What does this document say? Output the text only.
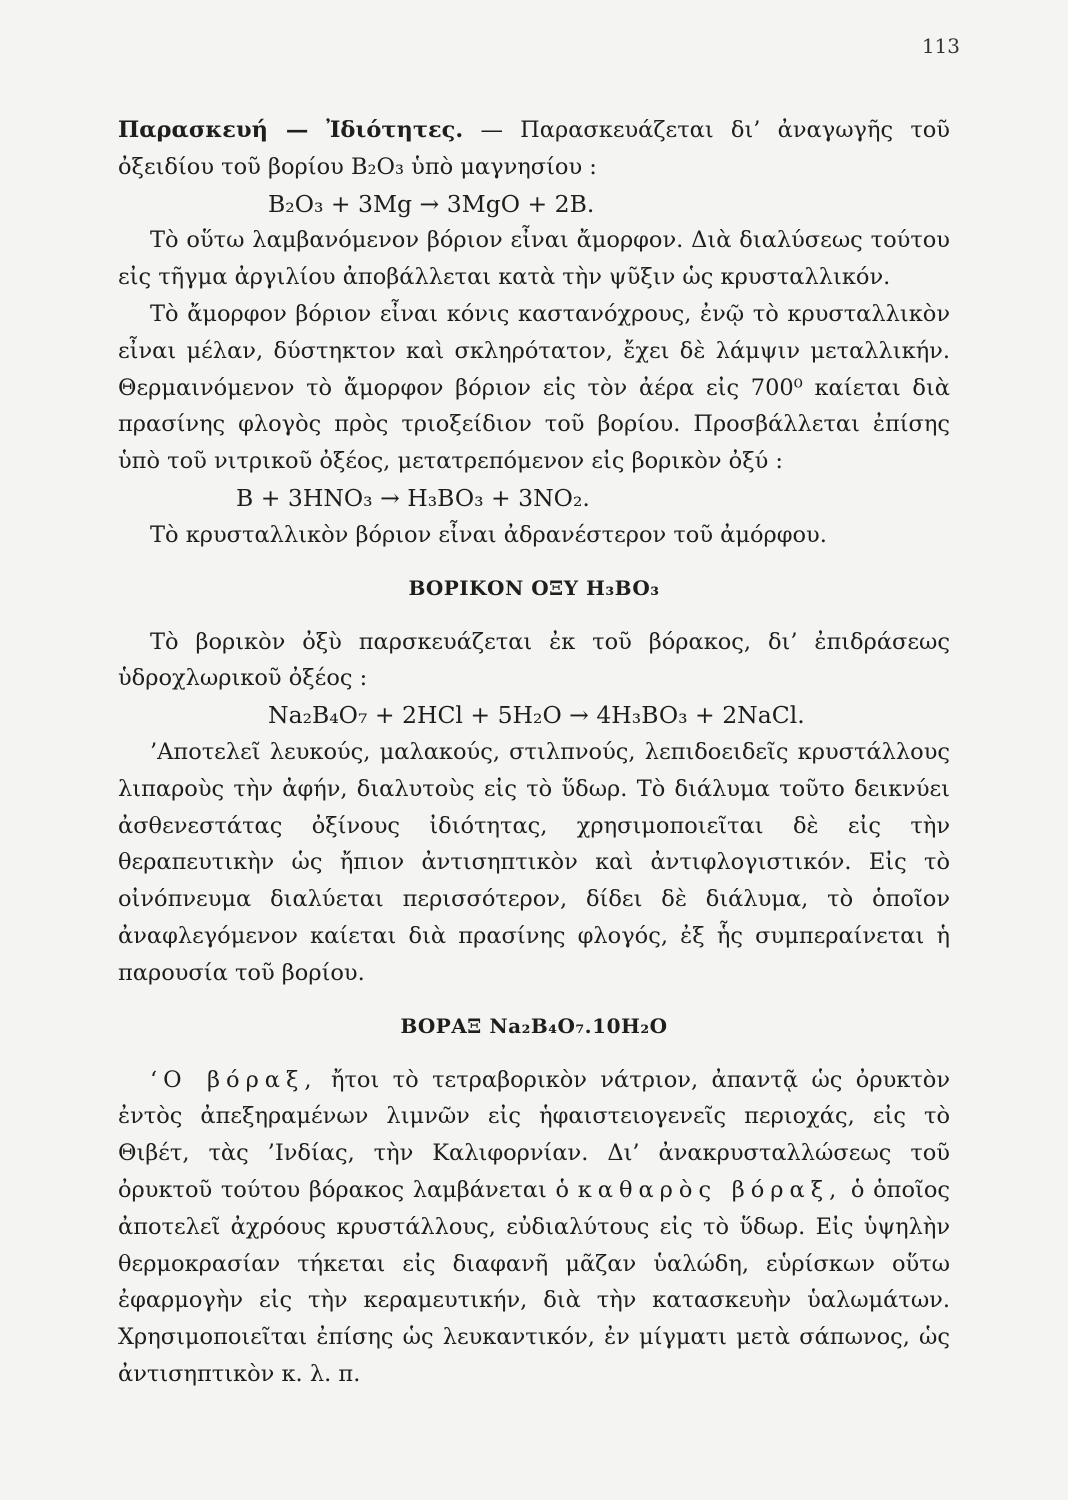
113

Παρασκευή — Ἰδιότητες. — Παρασκευάζεται δι’ ἀναγωγῆς τοῦ ὀξειδίου τοῦ βορίου B₂O₃ ὑπὸ μαγνησίου :

B₂O₃ + 3Mg → 3MgO + 2B.

Τὸ οὕτω λαμβανόμενον βόριον εἶναι ἄμορφον. Διὰ διαλύσεως τούτου εἰς τῆγμα ἀργιλίου ἀποβάλλεται κατὰ τὴν ψῦξιν ὡς κρυσταλλικόν.

Τὸ ἄμορφον βόριον εἶναι κόνις καστανόχρους, ἐνῷ τὸ κρυσταλλικὸν εἶναι μέλαν, δύστηκτον καὶ σκληρότατον, ἔχει δὲ λάμψιν μεταλλικήν. Θερμαινόμενον τὸ ἄμορφον βόριον εἰς τὸν ἀέρα εἰς 700⁰ καίεται διὰ πρασίνης φλογὸς πρὸς τριοξείδιον τοῦ βορίου. Προσβάλλεται ἐπίσης ὑπὸ τοῦ νιτρικοῦ ὀξέος, μετατρεπόμενον εἰς βορικὸν ὀξύ :

B + 3HNO₃ → H₃BO₃ + 3NO₂.

Τὸ κρυσταλλικὸν βόριον εἶναι ἀδρανέστερον τοῦ ἀμόρφου.

ΒΟΡΙΚΟΝ ΟΞΥ H₃BO₃

Τὸ βορικὸν ὀξὺ παρσκευάζεται ἐκ τοῦ βόρακος, δι’ ἐπιδράσεως ὑδροχλωρικοῦ ὀξέος :

Na₂B₄O₇ + 2HCl + 5H₂O → 4H₃BO₃ + 2NaCl.

’Αποτελεῖ λευκούς, μαλακούς, στιλπνούς, λεπιδοειδεῖς κρυστάλλους λιπαροὺς τὴν ἀφήν, διαλυτοὺς εἰς τὸ ὕδωρ. Τὸ διάλυμα τοῦτο δεικνύει ἀσθενεστάτας ὀξίνους ἰδιότητας, χρησιμοποιεῖται δὲ εἰς τὴν θεραπευτικὴν ὡς ἤπιον ἀντισηπτικὸν καὶ ἀντιφλογιστικόν. Εἰς τὸ οἰνόπνευμα διαλύεται περισσότερον, δίδει δὲ διάλυμα, τὸ ὁποῖον ἀναφλεγόμενον καίεται διὰ πρασίνης φλογός, ἐξ ἧς συμπεραίνεται ἡ παρουσία τοῦ βορίου.

ΒΟΡΑΞ Na₂B₄O₇.10H₂O

‘Ο βόραξ, ἤτοι τὸ τετραβορικὸν νάτριον, ἀπαντᾷ ὡς ὀρυκτὸν ἐντὸς ἀπεξηραμένων λιμνῶν εἰς ἡφαιστειογενεῖς περιοχάς, εἰς τὸ Θιβέτ, τὰς ’Ινδίας, τὴν Καλιφορνίαν. Δι’ ἀνακρυσταλλώσεως τοῦ ὀρυκτοῦ τούτου βόρακος λαμβάνεται ὁ καθαρὸς βόραξ, ὁ ὁποῖος ἀποτελεῖ ἀχρόους κρυστάλλους, εὐδιαλύτους εἰς τὸ ὕδωρ. Εἰς ὑψηλὴν θερμοκρασίαν τήκεται εἰς διαφανῆ μᾶζαν ὑαλώδη, εὑρίσκων οὕτω ἐφαρμογὴν εἰς τὴν κεραμευτικήν, διὰ τὴν κατασκευὴν ὑαλωμάτων. Χρησιμοποιεῖται ἐπίσης ὡς λευκαντικόν, ἐν μίγματι μετὰ σάπωνος, ὡς ἀντισηπτικὸν κ. λ. π.
